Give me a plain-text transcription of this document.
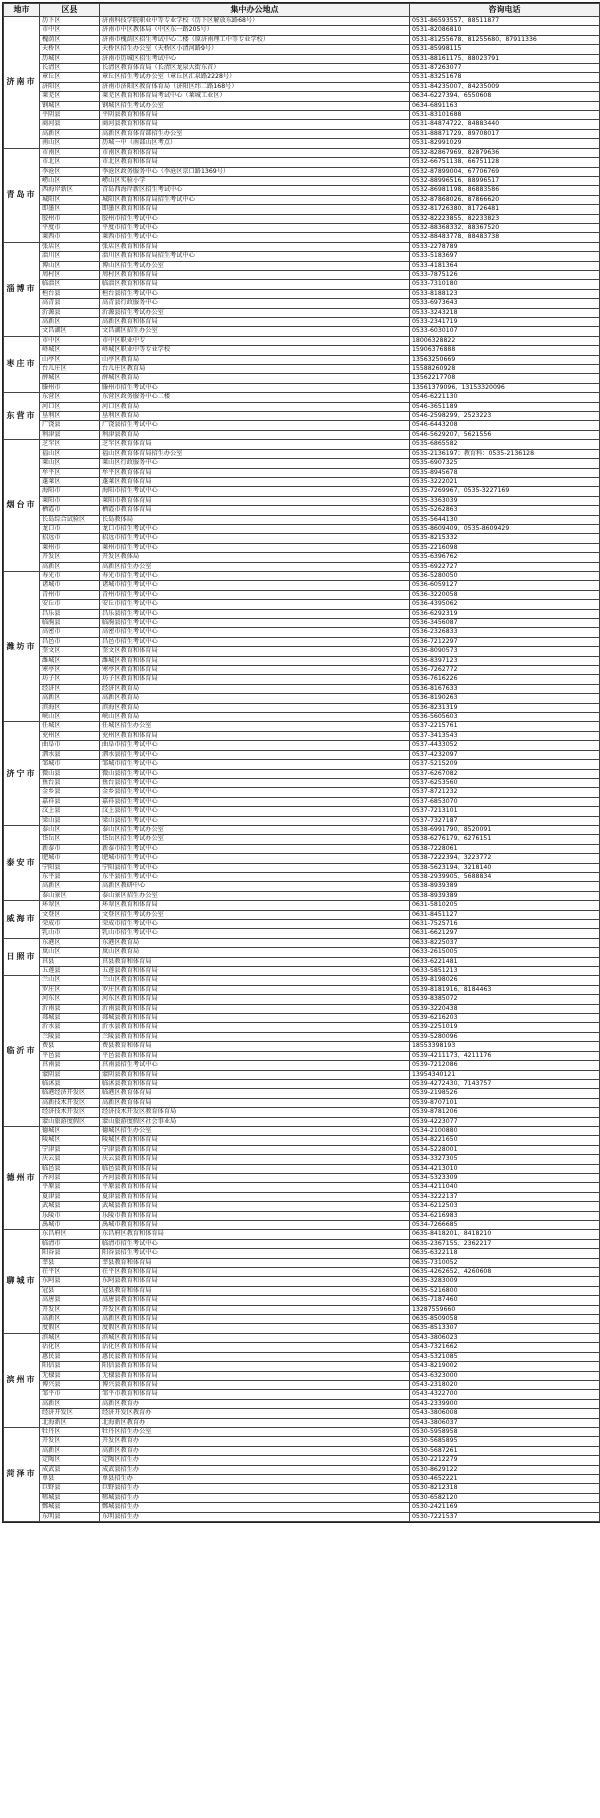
地市	区县	集中办公地点	咨询电话
济南市	历下区	济南科技学院职业中等专业学校（历下区解放东路68号）	0531-86593557、88511877
	市中区	济南市中区教体局（中区东一路205号）	0531-82086810
	槐荫区	济南市槐荫区招生考试中心二楼（原济南理工中等专业学校）	0531-81255678、81255680、87911336
	天桥区	天桥区招生办公室（天桥区小清河路9号）	0531-85998115
	历城区	济南市历城区招生考试中心	0531-88161175、88023791
	长清区	长清区教育体育局（长清区龙泉大街东首）	0531-87263077
	章丘区	章丘区招生考试办公室（章丘区汇泉路2228号）	0531-83251678
	济阳区	济南市济阳区教育体育局（济阳区纬二路168号）	0531-84235007、84235009
	莱芜区	莱芜区教育和体育局考试中心（莱城工业区）	0634-6227394、6550608
	钢城区	钢城区招生考试办公室	0634-6891163
	平阴县	平阴县教育和体育局	0531-83101688
	商河县	商河县教育和体育局	0531-84874722、84883440
	高新区	高新区教育体育部招生办公室	0531-88871729、89708017
	南山区	历城一中（南部山区考点）	0531-82991029
青岛市	市南区	市南区教育和体育局	0532-82867969、82879636
	市北区	市北区教育和体育局	0532-66751138、66751128
	李沧区	李沧区政务服务中心（李沧区京口路1369号）	0532-87899004、67706769
	崂山区	崂山区实验小学	0532-88996516、88996517
	西海岸新区	青岛西海岸新区招生考试中心	0532-86981198、86883586
	城阳区	城阳区教育和体育局招生考试中心	0532-87868026、87866620
	即墨区	即墨区教育和体育局	0532-81726380、81726481
	胶州市	胶州市招生考试中心	0532-82223855、82233823
	平度市	平度市招生考试中心	0532-88368332、88367520
	莱西市	莱西市招生考试中心	0532-88483778、88483738
淄博市	张店区	张店区教育和体育局	0533-2278789
	淄川区	淄川区教育和体育局招生考试中心	0533-5183697
	博山区	博山区招生考试办公室	0533-4181364
	周村区	周村区教育和体育局	0533-7875126
	临淄区	临淄区教育和体育局	0533-7310180
	桓台县	桓台县招生考试中心	0533-8188123
	高青县	高青县行政服务中心	0533-6973643
	沂源县	沂源县招生考试办公室	0533-3243218
	高新区	高新区教育和体育局	0533-2341719
	文昌湖区	文昌湖区招生办公室	0533-6030107
枣庄市	市中区	市中区职业中专	18006328822
	峄城区	峄城区职业中等专业学校	15906376888
	山亭区	山亭区教育局	13563250669
	台儿庄区	台儿庄区教育局	15588260928
	薛城区	薛城区教育局	13562217708
	滕州市	滕州市招生考试中心	13561379096、13153320096
东营市	东营区	东营区政务服务中心二楼	0546-6221130
	河口区	河口区教育局	0546-3651189
	垦利区	垦利区教育局	0546-2598299、2523223
	广饶县	广饶县招生考试中心	0546-6443208
	利津县	利津县教育局	0546-5629207、5621556
烟台市	芝罘区	芝罘区教育体育局	0535-6865582
	福山区	福山区教育体育局招生办公室	0535-2136197；教育科：0535-2136128
	莱山区	莱山区行政服务中心	0535-6907325
	牟平区	牟平区教育体育局	0535-8945678
	蓬莱区	蓬莱区教育体育局	0535-3222021
	海阳市	海阳市招生考试中心	0535-7269967、0535-3227169
	莱阳市	莱阳市教育体育局	0535-3363039
	栖霞市	栖霞市教育体育局	0535-5262863
	长岛综合试验区	长岛教体局	0535-5644130
	龙口市	龙口市招生考试中心	0535-8609409、0535-8609429
	招远市	招远市招生考试中心	0535-8215332
	莱州市	莱州市招生考试中心	0535-2216098
	开发区	开发区教体局	0535-6396762
	高新区	高新区招生办公室	0535-6922727
潍坊市	寿光市	寿光市招生考试中心	0536-5280050
	诸城市	诸城市招生考试中心	0536-6059127
	青州市	青州市招生考试中心	0536-3220058
	安丘市	安丘市招生考试中心	0536-4395062
	昌乐县	昌乐县招生考试中心	0536-6292319
	临朐县	临朐县招生考试中心	0536-3456087
	高密市	高密市招生考试中心	0536-2326833
	昌邑市	昌邑市招生考试中心	0536-7212297
	奎文区	奎文区教育和体育局	0536-8090573
	潍城区	潍城区教育和体育局	0536-8397123
	寒亭区	寒亭区教育和体育局	0536-7262772
	坊子区	坊子区教育和体育局	0536-7616226
	经济区	经济区教育局	0536-8167633
	高新区	高新区教育局	0536-8190263
	滨海区	滨海区教育局	0536-8231319
	峡山区	峡山区教育局	0536-5605603
济宁市	任城区	任城区招生办公室	0537-2215761
	兖州区	兖州区教育和体育局	0537-3413543
	曲阜市	曲阜市招生考试中心	0537-4433052
	泗水县	泗水县招生考试中心	0537-4232097
	邹城市	邹城市招生考试中心	0537-5215209
	微山县	微山县招生考试中心	0537-6267082
	鱼台县	鱼台县招生考试中心	0537-6253560
	金乡县	金乡县招生考试中心	0537-8721232
	嘉祥县	嘉祥县招生考试中心	0537-6853070
	汶上县	汶上县招生考试中心	0537-7213101
	梁山县	梁山县招生考试中心	0537-7327187
泰安市	泰山区	泰山区招生考试办公室	0538-6991790、8520091
	岱岳区	岱岳区招生考试办公室	0538-6276179、6276151
	新泰市	新泰市招生考试中心	0538-7228061
	肥城市	肥城市招生考试中心	0538-7222394、3223772
	宁阳县	宁阳县招生考试中心	0538-5623194、3218140
	东平县	东平县招生考试中心	0538-2939905、5688834
	高新区	高新区教研中心	0538-8939389
	泰山景区	泰山景区招生办公室	0538-8939389
威海市	环翠区	环翠区教育和体育局	0631-5810205
	文登区	文登区招生考试办公室	0631-8451127
	荣成市	荣成市招生考试中心	0631-7525716
	乳山市	乳山市招生考试中心	0631-6621297
日照市	东港区	东港区教育局	0633-8225037
	岚山区	岚山区教育局	0633-2615005
	莒县	莒县教育和体育局	0633-6221481
	五莲县	五莲县教育和体育局	0633-5851213
临沂市	兰山区	兰山区教育和体育局	0539-8198026
	罗庄区	罗庄区教育和体育局	0539-8181916、8184463
	河东区	河东区教育和体育局	0539-8385072
	沂南县	沂南县教育和体育局	0539-3220438
	郯城县	郯城县教育和体育局	0539-6216203
	沂水县	沂水县教育和体育局	0539-2251019
	兰陵县	兰陵县教育和体育局	0539-5280096
	费县	费县教育和体育局	18553398193
	平邑县	平邑县教育和体育局	0539-4211173、4211176
	莒南县	莒南县招生考试中心	0539-7212086
	蒙阴县	蒙阴县教育和体育局	13954340121
	临沭县	临沭县教育和体育局	0539-4272430、7143757
	临港经济开发区	临港区教育体育局	0539-2198526
	高新技术开发区	高新区教育体育局	0539-8707101
	经济技术开发区	经济技术开发区教育体育局	0539-8781206
	蒙山旅游度假区	蒙山旅游度假区社会事业局	0539-4223077
德州市	德城区	德城区招生办公室	0534-2100880
	陵城区	陵城区教育和体育局	0534-8221650
	宁津县	宁津县教育和体育局	0534-5228001
	庆云县	庆云县教育和体育局	0534-3327305
	临邑县	临邑县教育和体育局	0534-4213010
	齐河县	齐河县教育和体育局	0534-5323309
	平原县	平原县教育和体育局	0534-4211040
	夏津县	夏津县教育和体育局	0534-3222137
	武城县	武城县教育和体育局	0534-6212503
	乐陵市	乐陵市教育和体育局	0534-6216983
	禹城市	禹城市教育和体育局	0534-7266685
聊城市	东昌府区	东昌府区教育和体育局	0635-8418201、8418210
	临清市	临清市招生考试中心	0635-2367155、2362217
	阳谷县	阳谷县招生考试中心	0635-6322118
	莘县	莘县教育和体育局	0635-7310052
	茌平区	茌平区教育和体育局	0635-4262652、4260608
	东阿县	东阿县教育和体育局	0635-3283009
	冠县	冠县教育和体育局	0635-5216800
	高唐县	高唐县教育和体育局	0635-7187460
	开发区	开发区教育和体育局	13287559660
	高新区	高新区教育和体育局	0635-8509058
	度假区	度假区教育和体育局	0635-8513307
滨州市	滨城区	滨城区教育和体育局	0543-3806023
	沾化区	沾化区教育和体育局	0543-7321662
	惠民县	惠民县教育和体育局	0543-5321085
	阳信县	阳信县教育和体育局	0543-8219002
	无棣县	无棣县教育和体育局	0543-6323000
	博兴县	博兴县教育和体育局	0543-2318020
	邹平市	邹平市教育和体育局	0543-4322700
	高新区	高新区教育办	0543-2339900
	经济开发区	经济开发区教育办	0543-3806008
	北海新区	北海新区教育办	0543-3806037
菏泽市	牡丹区	牡丹区招生办公室	0530-5958958
	开发区	开发区教育办	0530-5685895
	高新区	高新区教育办	0530-5687261
	定陶区	定陶区招生办	0530-2212279
	成武县	成武县招生办	0530-8629122
	单县	单县招生办	0530-4652221
	巨野县	巨野县招生办	0530-8212318
	郓城县	郓城县招生办	0530-6582120
	鄄城县	鄄城县招生办	0530-2421169
	东明县	东明县招生办	0530-7221537
